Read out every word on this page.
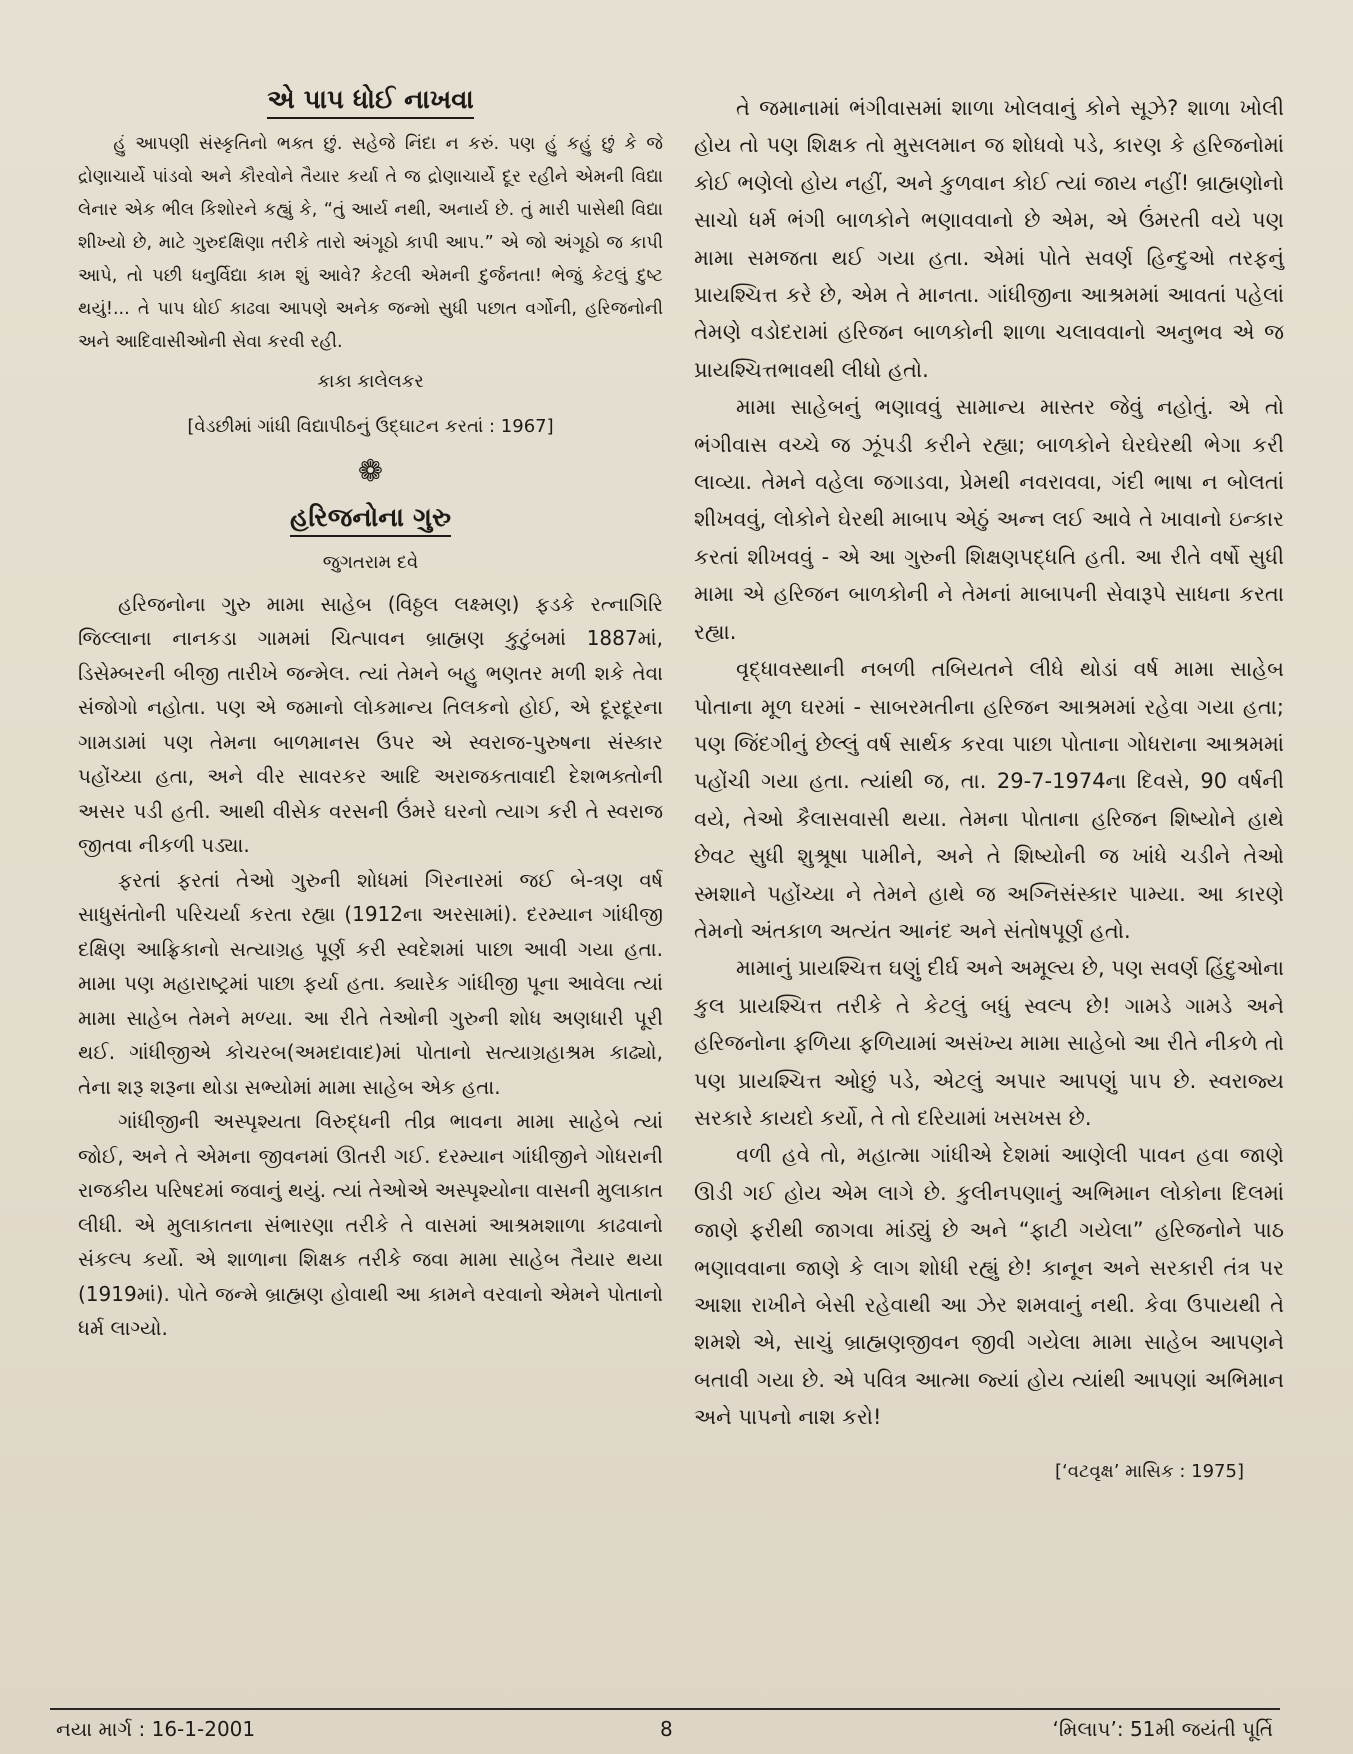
એ પાપ ધોઈ નાખવા

હું આપણી સંસ્કૃતિનો ભક્ત છું. સહેજે નિંદા ન કરું. પણ હું કહું છું કે જે દ્રોણાચાર્યે પાંડવો અને કૌરવોને તૈયાર કર્યા તે જ દ્રોણાચાર્યે દૂર રહીને એમની વિદ્યા લેનાર એક ભીલ કિશોરને કહ્યું કે, “તું આર્ય નથી, અનાર્ય છે. તું મારી પાસેથી વિદ્યા શીખ્યો છે, માટે ગુરુદક્ષિણા તરીકે તારો અંગૂઠો કાપી આપ.” એ જો અંગૂઠો જ કાપી આપે, તો પછી ધનુર્વિદ્યા કામ શું આવે? કેટલી એમની દુર્જનતા! ભેજું કેટલું દુષ્ટ થયું!... તે પાપ ધોઈ કાઢવા આપણે અનેક જન્મો સુધી પછાત વર્ગોની, હરિજનોની અને આદિવાસીઓની સેવા કરવી રહી.

કાકા કાલેલકર
[વેડછીમાં ગાંધી વિદ્યાપીઠનું ઉદ્ઘાટન કરતાં : 1967]
❁
હરિજનોના ગુરુ
જુગતરામ દવે

હરિજનોના ગુરુ મામા સાહેબ (વિઠ્ઠલ લક્ષ્મણ) ફડકે રત્નાગિરિ જિલ્લાના નાનકડા ગામમાં ચિત્પાવન બ્રાહ્મણ કુટુંબમાં 1887માં, ડિસેમ્બરની બીજી તારીખે જન્મેલ. ત્યાં તેમને બહુ ભણતર મળી શકે તેવા સંજોગો નહોતા. પણ એ જમાનો લોકમાન્ય તિલકનો હોઈ, એ દૂરદૂરના ગામડામાં પણ તેમના બાળમાનસ ઉપર એ સ્વરાજ-પુરુષના સંસ્કાર પહોંચ્યા હતા, અને વીર સાવરકર આદિ અરાજકતાવાદી દેશભક્તોની અસર પડી હતી. આથી વીસેક વરસની ઉંમરે ઘરનો ત્યાગ કરી તે સ્વરાજ જીતવા નીકળી પડ્યા.

ફરતાં ફરતાં તેઓ ગુરુની શોધમાં ગિરનારમાં જઈ બે-ત્રણ વર્ષ સાધુસંતોની પરિચર્યા કરતા રહ્યા (1912ના અરસામાં). દરમ્યાન ગાંધીજી દક્ષિણ આફ્રિકાનો સત્યાગ્રહ પૂર્ણ કરી સ્વદેશમાં પાછા આવી ગયા હતા. મામા પણ મહારાષ્ટ્રમાં પાછા ફર્યા હતા. ક્યારેક ગાંધીજી પૂના આવેલા ત્યાં મામા સાહેબ તેમને મળ્યા. આ રીતે તેઓની ગુરુની શોધ અણધારી પૂરી થઈ. ગાંધીજીએ કોચરબ(અમદાવાદ)માં પોતાનો સત્યાગ્રહાશ્રમ કાઢ્યો, તેના શરૂ શરૂના થોડા સભ્યોમાં મામા સાહેબ એક હતા.

ગાંધીજીની અસ્પૃશ્યતા વિરુદ્ધની તીવ્ર ભાવના મામા સાહેબે ત્યાં જોઈ, અને તે એમના જીવનમાં ઊતરી ગઈ. દરમ્યાન ગાંધીજીને ગોધરાની રાજકીય પરિષદમાં જવાનું થયું. ત્યાં તેઓએ અસ્પૃશ્યોના વાસની મુલાકાત લીધી. એ મુલાકાતના સંભારણા તરીકે તે વાસમાં આશ્રમશાળા કાઢવાનો સંકલ્પ કર્યો. એ શાળાના શિક્ષક તરીકે જવા મામા સાહેબ તૈયાર થયા (1919માં). પોતે જન્મે બ્રાહ્મણ હોવાથી આ કામને વરવાનો એમને પોતાનો ધર્મ લાગ્યો.

તે જમાનામાં ભંગીવાસમાં શાળા ખોલવાનું કોને સૂઝે? શાળા ખોલી હોય તો પણ શિક્ષક તો મુસલમાન જ શોધવો પડે, કારણ કે હરિજનોમાં કોઈ ભણેલો હોય નહીં, અને કુળવાન કોઈ ત્યાં જાય નહીં! બ્રાહ્મણોનો સાચો ધર્મ ભંગી બાળકોને ભણાવવાનો છે એમ, એ ઉંમરતી વયે પણ મામા સમજતા થઈ ગયા હતા. એમાં પોતે સવર્ણ હિન્દુઓ તરફનું પ્રાયશ્ચિત્ત કરે છે, એમ તે માનતા. ગાંધીજીના આશ્રમમાં આવતાં પહેલાં તેમણે વડોદરામાં હરિજન બાળકોની શાળા ચલાવવાનો અનુભવ એ જ પ્રાયશ્ચિત્તભાવથી લીધો હતો.

મામા સાહેબનું ભણાવવું સામાન્ય માસ્તર જેવું નહોતું. એ તો ભંગીવાસ વચ્ચે જ ઝૂંપડી કરીને રહ્યા; બાળકોને ઘેરઘેરથી ભેગા કરી લાવ્યા. તેમને વહેલા જગાડવા, પ્રેમથી નવરાવવા, ગંદી ભાષા ન બોલતાં શીખવવું, લોકોને ઘેરથી માબાપ એઠું અન્ન લઈ આવે તે ખાવાનો ઇન્કાર કરતાં શીખવવું - એ આ ગુરુની શિક્ષણપદ્ધતિ હતી. આ રીતે વર્ષો સુધી મામા એ હરિજન બાળકોની ને તેમનાં માબાપની સેવારૂપે સાધના કરતા રહ્યા.

વૃદ્ધાવસ્થાની નબળી તબિયતને લીધે થોડાં વર્ષ મામા સાહેબ પોતાના મૂળ ઘરમાં - સાબરમતીના હરિજન આશ્રમમાં રહેવા ગયા હતા; પણ જિંદગીનું છેલ્લું વર્ષ સાર્થક કરવા પાછા પોતાના ગોધરાના આશ્રમમાં પહોંચી ગયા હતા. ત્યાંથી જ, તા. 29-7-1974ના દિવસે, 90 વર્ષની વયે, તેઓ કૈલાસવાસી થયા. તેમના પોતાના હરિજન શિષ્યોને હાથે છેવટ સુધી શુશ્રૂષા પામીને, અને તે શિષ્યોની જ ખાંધે ચડીને તેઓ સ્મશાને પહોંચ્યા ને તેમને હાથે જ અગ્નિસંસ્કાર પામ્યા. આ કારણે તેમનો અંતકાળ અત્યંત આનંદ અને સંતોષપૂર્ણ હતો.

મામાનું પ્રાયશ્ચિત્ત ઘણું દીર્ઘ અને અમૂલ્ય છે, પણ સવર્ણ હિંદુઓના કુલ પ્રાયશ્ચિત્ત તરીકે તે કેટલું બધું સ્વલ્પ છે! ગામડે ગામડે અને હરિજનોના ફળિયા ફળિયામાં અસંખ્ય મામા સાહેબો આ રીતે નીકળે તો પણ પ્રાયશ્ચિત્ત ઓછું પડે, એટલું અપાર આપણું પાપ છે. સ્વરાજ્ય સરકારે કાયદો કર્યો, તે તો દરિયામાં ખસખસ છે.

વળી હવે તો, મહાત્મા ગાંધીએ દેશમાં આણેલી પાવન હવા જાણે ઊડી ગઈ હોય એમ લાગે છે. કુલીનપણાનું અભિમાન લોકોના દિલમાં જાણે ફરીથી જાગવા માંડ્યું છે અને “ફાટી ગયેલા” હરિજનોને પાઠ ભણાવવાના જાણે કે લાગ શોધી રહ્યું છે! કાનૂન અને સરકારી તંત્ર પર આશા રાખીને બેસી રહેવાથી આ ઝેર શમવાનું નથી. કેવા ઉપાયથી તે શમશે એ, સાચું બ્રાહ્મણજીવન જીવી ગયેલા મામા સાહેબ આપણને બતાવી ગયા છે. એ પવિત્ર આત્મા જ્યાં હોય ત્યાંથી આપણાં અભિમાન અને પાપનો નાશ કરો!

[‘વટવૃક્ષ’ માસિક : 1975]
નયા માર્ગ : 16-1-2001	8	‘મિલાપ’: 51મી જયંતી પૂર્તિ
